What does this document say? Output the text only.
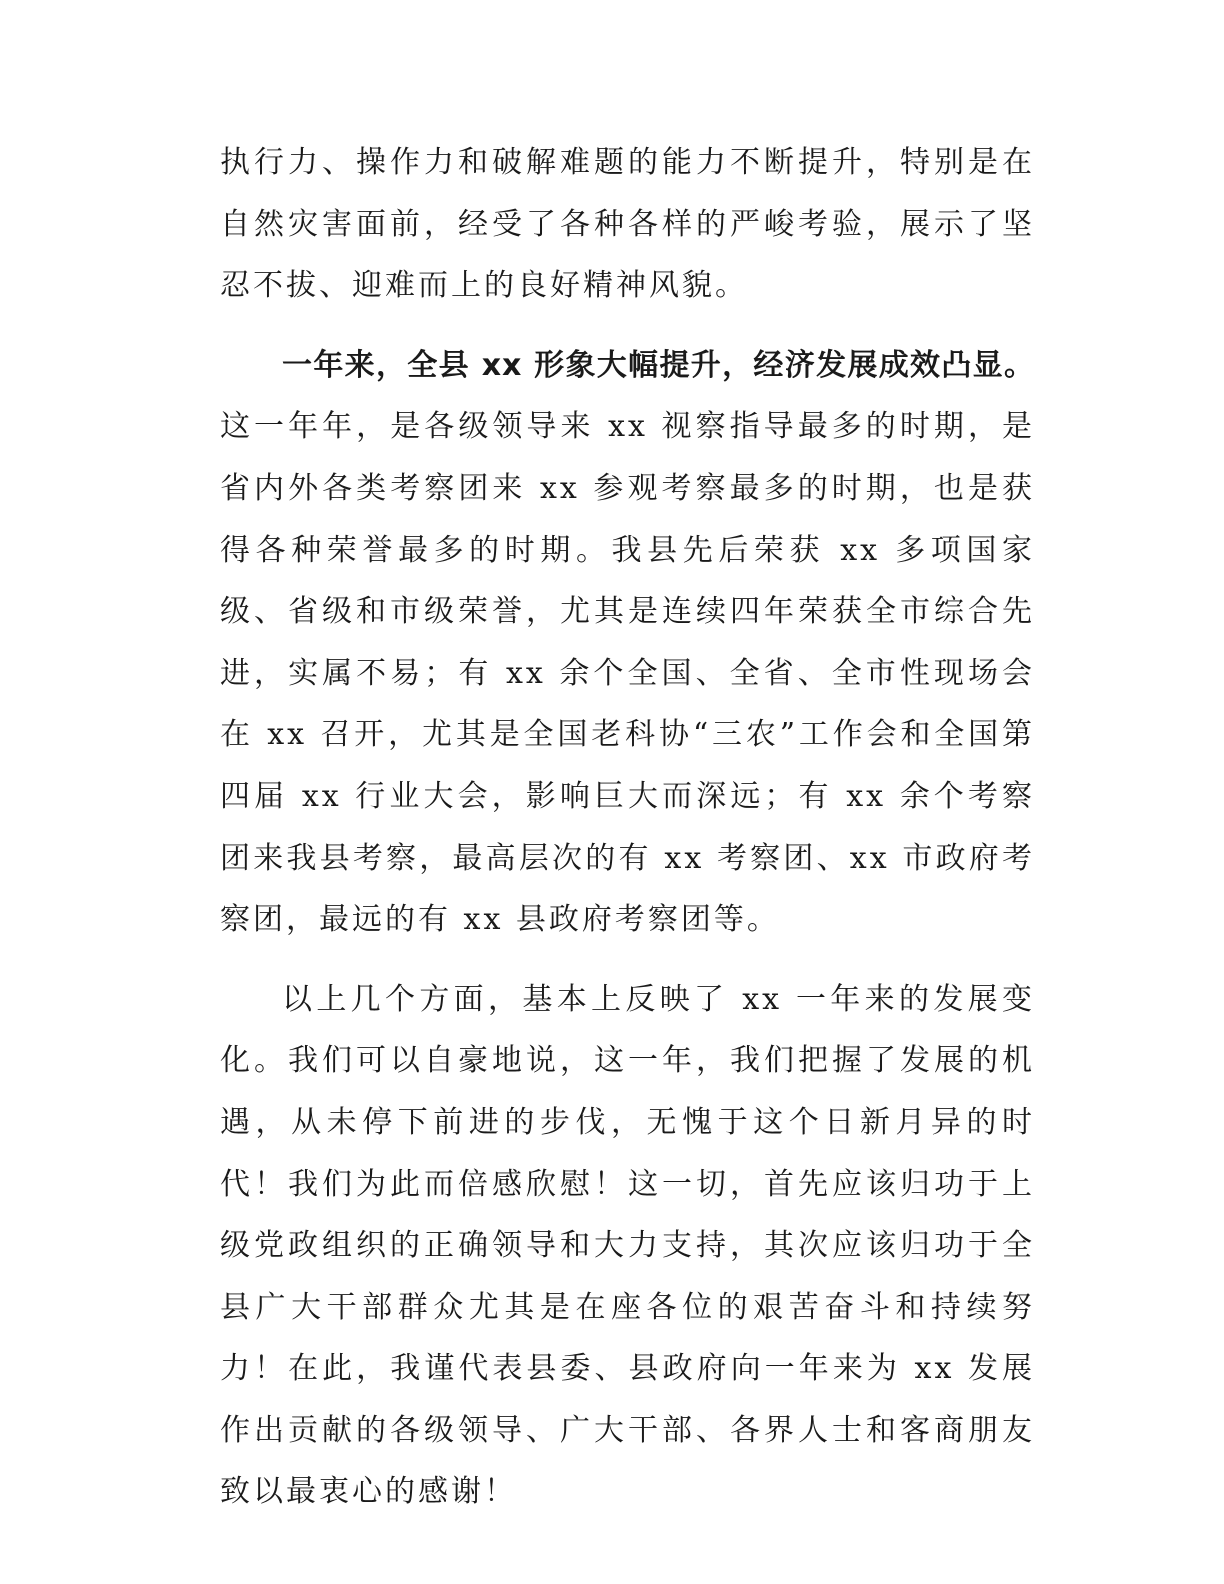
执行力、操作力和破解难题的能力不断提升，特别是在自然灾害面前，经受了各种各样的严峻考验，展示了坚忍不拔、迎难而上的良好精神风貌。

一年来，全县 xx 形象大幅提升，经济发展成效凸显。这一年年，是各级领导来 xx 视察指导最多的时期，是省内外各类考察团来 xx 参观考察最多的时期，也是获得各种荣誉最多的时期。我县先后荣获 xx 多项国家级、省级和市级荣誉，尤其是连续四年荣获全市综合先进，实属不易；有 xx 余个全国、全省、全市性现场会在 xx 召开，尤其是全国老科协“三农”工作会和全国第四届 xx 行业大会，影响巨大而深远；有 xx 余个考察团来我县考察，最高层次的有 xx 考察团、xx 市政府考察团，最远的有 xx 县政府考察团等。

以上几个方面，基本上反映了 xx 一年来的发展变化。我们可以自豪地说，这一年，我们把握了发展的机遇，从未停下前进的步伐，无愧于这个日新月异的时代！我们为此而倍感欣慰！这一切，首先应该归功于上级党政组织的正确领导和大力支持，其次应该归功于全县广大干部群众尤其是在座各位的艰苦奋斗和持续努力！在此，我谨代表县委、县政府向一年来为 xx 发展作出贡献的各级领导、广大干部、各界人士和客商朋友致以最衷心的感谢！
